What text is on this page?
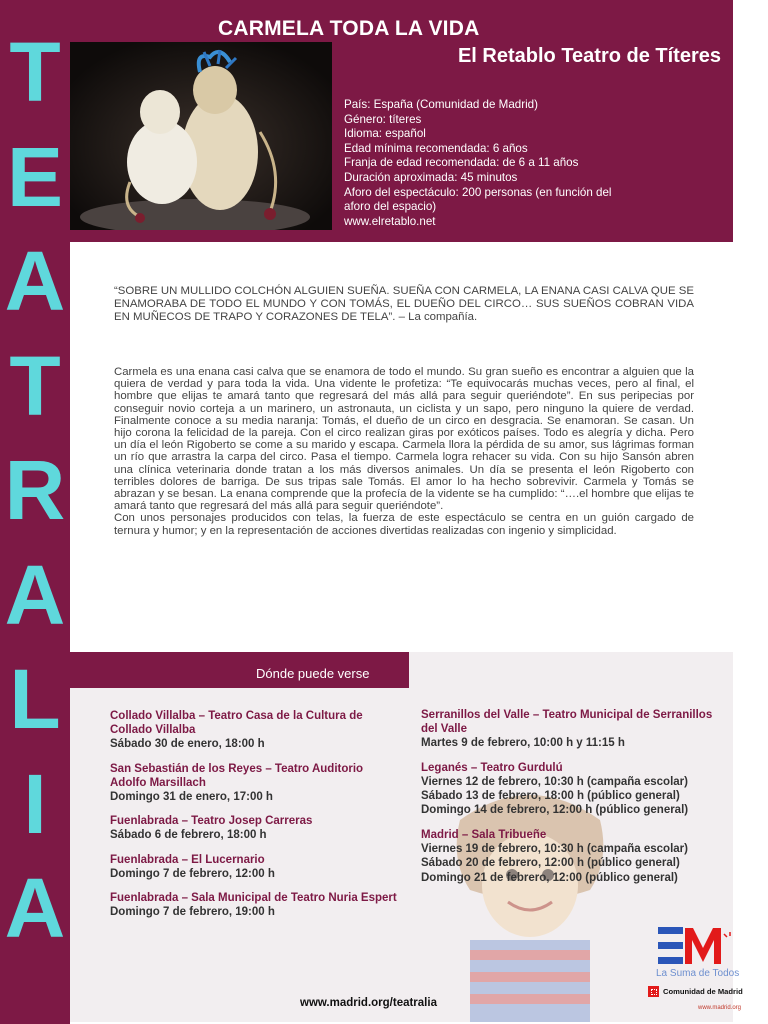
T
E
A
T
R
A
L
I
A
CARMELA TODA LA VIDA
El Retablo Teatro de Títeres
País: España (Comunidad de Madrid)
Género: títeres
Idioma: español
Edad mínima recomendada: 6 años
Franja de edad recomendada: de 6 a 11 años
Duración aproximada: 45 minutos
Aforo del espectáculo: 200 personas (en función del aforo del espacio)
www.elretablo.net

“SOBRE UN MULLIDO COLCHÓN ALGUIEN SUEÑA. SUEÑA CON CARMELA, LA ENANA CASI CALVA QUE SE ENAMORABA DE TODO EL MUNDO Y CON TOMÁS, EL DUEÑO DEL CIRCO… SUS SUEÑOS COBRAN VIDA EN MUÑECOS DE TRAPO Y CORAZONES DE TELA”. – La compañía.

Carmela es una enana casi calva que se enamora de todo el mundo. Su gran sueño es encontrar a alguien que la quiera de verdad y para toda la vida. Una vidente le profetiza: “Te equivocarás muchas veces, pero al final, el hombre que elijas te amará tanto que regresará del más allá para seguir queriéndote”. En sus peripecias por conseguir novio corteja a un marinero, un astronauta, un ciclista y un sapo, pero ninguno la quiere de verdad. Finalmente conoce a su media naranja: Tomás, el dueño de un circo en desgracia. Se enamoran. Se casan. Un hijo corona la felicidad de la pareja. Con el circo realizan giras por exóticos países. Todo es alegría y dicha. Pero un día el león Rigoberto se come a su marido y escapa. Carmela llora la pérdida de su amor, sus lágrimas forman un río que arrastra la carpa del circo. Pasa el tiempo. Carmela logra rehacer su vida. Con su hijo Sansón abren una clínica veterinaria donde tratan a los más diversos animales. Un día se presenta el león Rigoberto con terribles dolores de barriga. De sus tripas sale Tomás. El amor lo ha hecho sobrevivir. Carmela y Tomás se abrazan y se besan. La enana comprende que la profecía de la vidente se ha cumplido: “….el hombre que elijas te amará tanto que regresará del más allá para seguir queriéndote”.

Con unos personajes producidos con telas, la fuerza de este espectáculo se centra en un guión cargado de ternura y humor; y en la representación de acciones divertidas realizadas con ingenio y simplicidad.

Dónde puede verse
Collado Villalba – Teatro Casa de la Cultura de Collado Villalba
Sábado 30 de enero, 18:00 h
San Sebastián de los Reyes – Teatro Auditorio Adolfo Marsillach
Domingo 31 de enero, 17:00 h
Fuenlabrada – Teatro Josep Carreras
Sábado 6 de febrero, 18:00 h
Fuenlabrada – El Lucernario
Domingo 7 de febrero, 12:00 h
Fuenlabrada – Sala Municipal de Teatro Nuria Espert
Domingo 7 de febrero, 19:00 h
Serranillos del Valle – Teatro Municipal de Serranillos del Valle
Martes 9 de febrero, 10:00 h y 11:15 h
Leganés – Teatro Gurdulú
Viernes 12 de febrero, 10:30 h (campaña escolar)
Sábado 13 de febrero, 18:00 h (público general)
Domingo 14 de febrero, 12:00 h (público general)
Madrid – Sala Tribueñe
Viernes 19 de febrero, 10:30 h (campaña escolar)
Sábado 20 de febrero, 12:00 h (público general)
Domingo 21 de febrero, 12:00 (público general)
www.madrid.org/teatralia
La Suma de Todos
Comunidad de Madrid
www.madrid.org
